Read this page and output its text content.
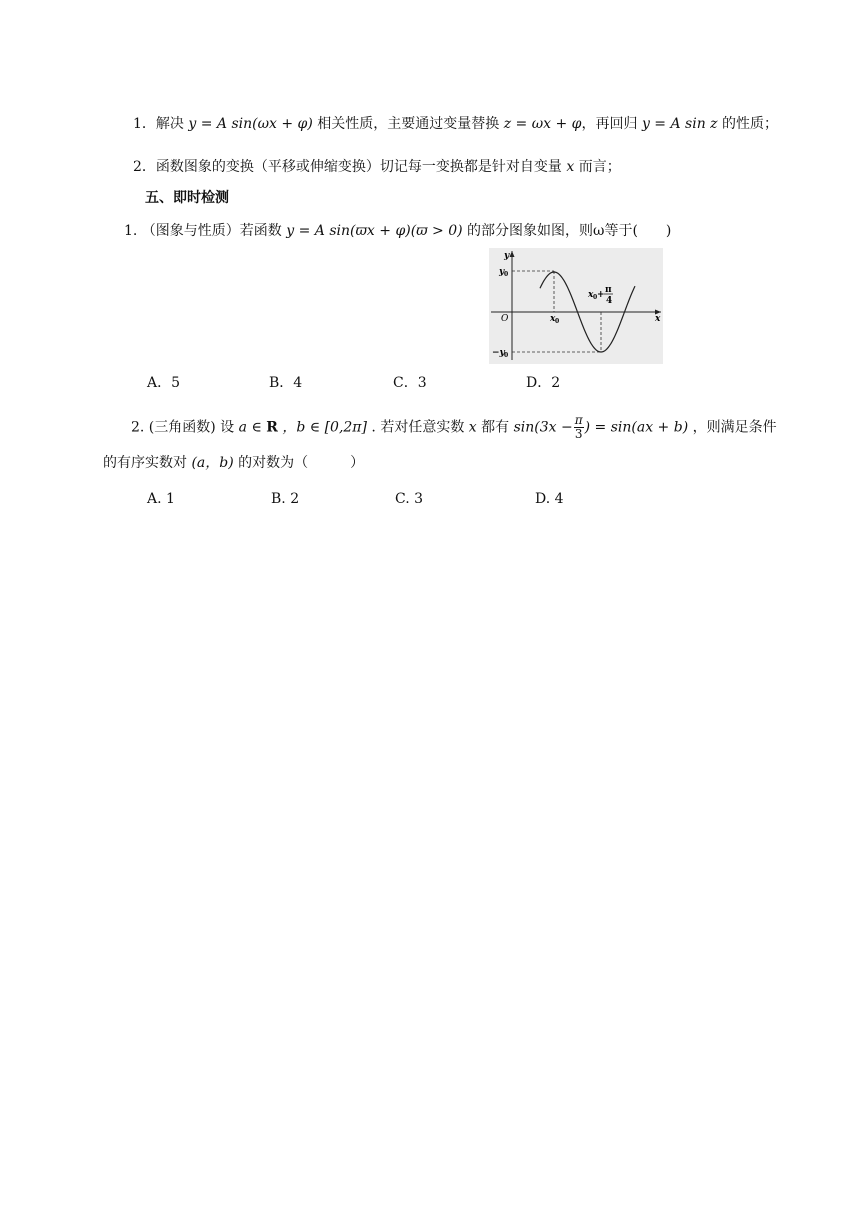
1．解决 y = A sin(ωx + φ) 相关性质，主要通过变量替换 z = ωx + φ，再回归 y = A sin z 的性质；
2．函数图象的变换（平移或伸缩变换）切记每一变换都是针对自变量 x 而言；
五、即时检测
1. （图象与性质）若函数 y = A sin(ϖx + φ)(ϖ > 0) 的部分图象如图，则ω等于(　　)
y
x
O
y 0
−y 0
x 0
x 0 + π
4
A．5	B．4	C．3	D．2
2. (三角函数) 设 a ∈ R ，b ∈ [0,2π] . 若对任意实数 x 都有 $\sin(3x - \frac{\pi}{3}$ ) = sin(ax + b) ，则满足条件
的有序实数对 (a，b) 的对数为（　　　）
A. 1	B. 2	C. 3	D. 4
